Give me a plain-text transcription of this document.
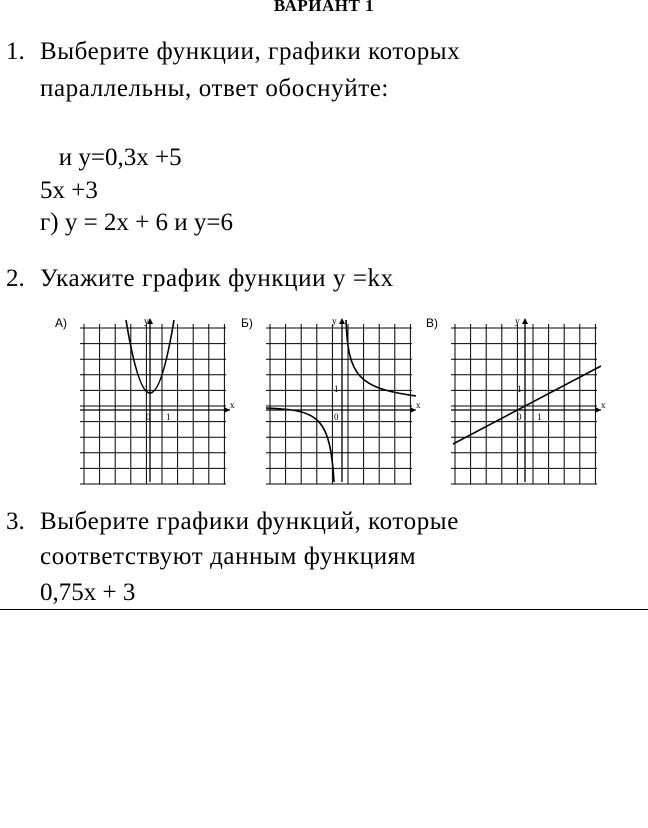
ВАРИАНТ 1
1. Выберите функции, графики которых
параллельны, ответ обоснуйте:
и y=0,3x +5
5x +3
г) y = 2x + 6 и y=6
2. Укажите график функции y =kx
А)	Б)	В)
y
x
1
0 1
y
x
1
0
y
x
1
0 1
3. Выберите графики функций, которые
соответствуют данным функциям
0,75x + 3
